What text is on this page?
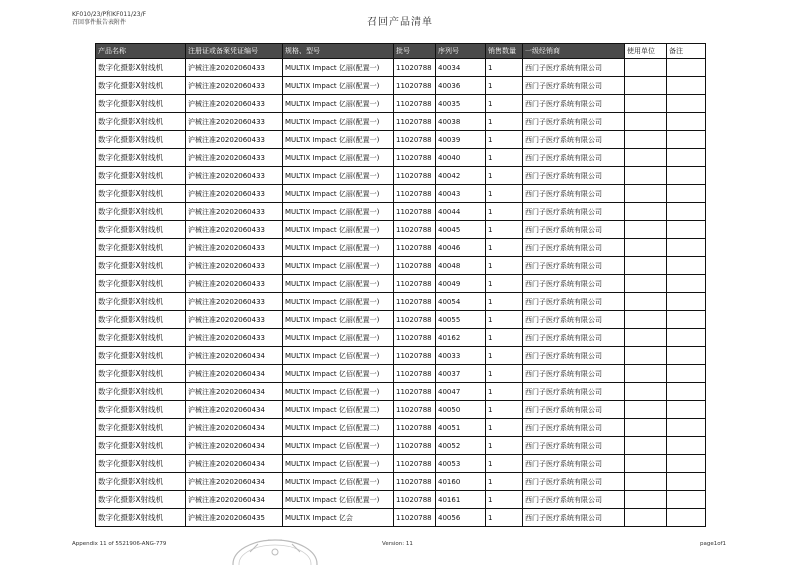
KF010/23/P和KF011/23/F
召回事件报告表附件	召回产品清单
产品名称	注册证或备案凭证编号	规格、型号	批号	序列号	销售数量	一级经销商	使用单位	备注
数字化摄影X射线机	沪械注准20202060433	MULTIX Impact 亿丽(配置一)	11020788	40034	1	西门子医疗系统有限公司		
数字化摄影X射线机	沪械注准20202060433	MULTIX Impact 亿丽(配置一)	11020788	40036	1	西门子医疗系统有限公司		
数字化摄影X射线机	沪械注准20202060433	MULTIX Impact 亿丽(配置一)	11020788	40035	1	西门子医疗系统有限公司		
数字化摄影X射线机	沪械注准20202060433	MULTIX Impact 亿丽(配置一)	11020788	40038	1	西门子医疗系统有限公司		
数字化摄影X射线机	沪械注准20202060433	MULTIX Impact 亿丽(配置一)	11020788	40039	1	西门子医疗系统有限公司		
数字化摄影X射线机	沪械注准20202060433	MULTIX Impact 亿丽(配置一)	11020788	40040	1	西门子医疗系统有限公司		
数字化摄影X射线机	沪械注准20202060433	MULTIX Impact 亿丽(配置一)	11020788	40042	1	西门子医疗系统有限公司		
数字化摄影X射线机	沪械注准20202060433	MULTIX Impact 亿丽(配置一)	11020788	40043	1	西门子医疗系统有限公司		
数字化摄影X射线机	沪械注准20202060433	MULTIX Impact 亿丽(配置一)	11020788	40044	1	西门子医疗系统有限公司		
数字化摄影X射线机	沪械注准20202060433	MULTIX Impact 亿丽(配置一)	11020788	40045	1	西门子医疗系统有限公司		
数字化摄影X射线机	沪械注准20202060433	MULTIX Impact 亿丽(配置一)	11020788	40046	1	西门子医疗系统有限公司		
数字化摄影X射线机	沪械注准20202060433	MULTIX Impact 亿丽(配置一)	11020788	40048	1	西门子医疗系统有限公司		
数字化摄影X射线机	沪械注准20202060433	MULTIX Impact 亿丽(配置一)	11020788	40049	1	西门子医疗系统有限公司		
数字化摄影X射线机	沪械注准20202060433	MULTIX Impact 亿丽(配置一)	11020788	40054	1	西门子医疗系统有限公司		
数字化摄影X射线机	沪械注准20202060433	MULTIX Impact 亿丽(配置一)	11020788	40055	1	西门子医疗系统有限公司		
数字化摄影X射线机	沪械注准20202060433	MULTIX Impact 亿丽(配置一)	11020788	40162	1	西门子医疗系统有限公司		
数字化摄影X射线机	沪械注准20202060434	MULTIX Impact 亿佰(配置一)	11020788	40033	1	西门子医疗系统有限公司		
数字化摄影X射线机	沪械注准20202060434	MULTIX Impact 亿佰(配置一)	11020788	40037	1	西门子医疗系统有限公司		
数字化摄影X射线机	沪械注准20202060434	MULTIX Impact 亿佰(配置一)	11020788	40047	1	西门子医疗系统有限公司		
数字化摄影X射线机	沪械注准20202060434	MULTIX Impact 亿佰(配置二)	11020788	40050	1	西门子医疗系统有限公司		
数字化摄影X射线机	沪械注准20202060434	MULTIX Impact 亿佰(配置二)	11020788	40051	1	西门子医疗系统有限公司		
数字化摄影X射线机	沪械注准20202060434	MULTIX Impact 亿佰(配置一)	11020788	40052	1	西门子医疗系统有限公司		
数字化摄影X射线机	沪械注准20202060434	MULTIX Impact 亿佰(配置一)	11020788	40053	1	西门子医疗系统有限公司		
数字化摄影X射线机	沪械注准20202060434	MULTIX Impact 亿佰(配置一)	11020788	40160	1	西门子医疗系统有限公司		
数字化摄影X射线机	沪械注准20202060434	MULTIX Impact 亿佰(配置一)	11020788	40161	1	西门子医疗系统有限公司		
数字化摄影X射线机	沪械注准20202060435	MULTIX Impact 亿会	11020788	40056	1	西门子医疗系统有限公司		
Appendix 11 of 5521906-ANG-779	Version: 11	page1of1
